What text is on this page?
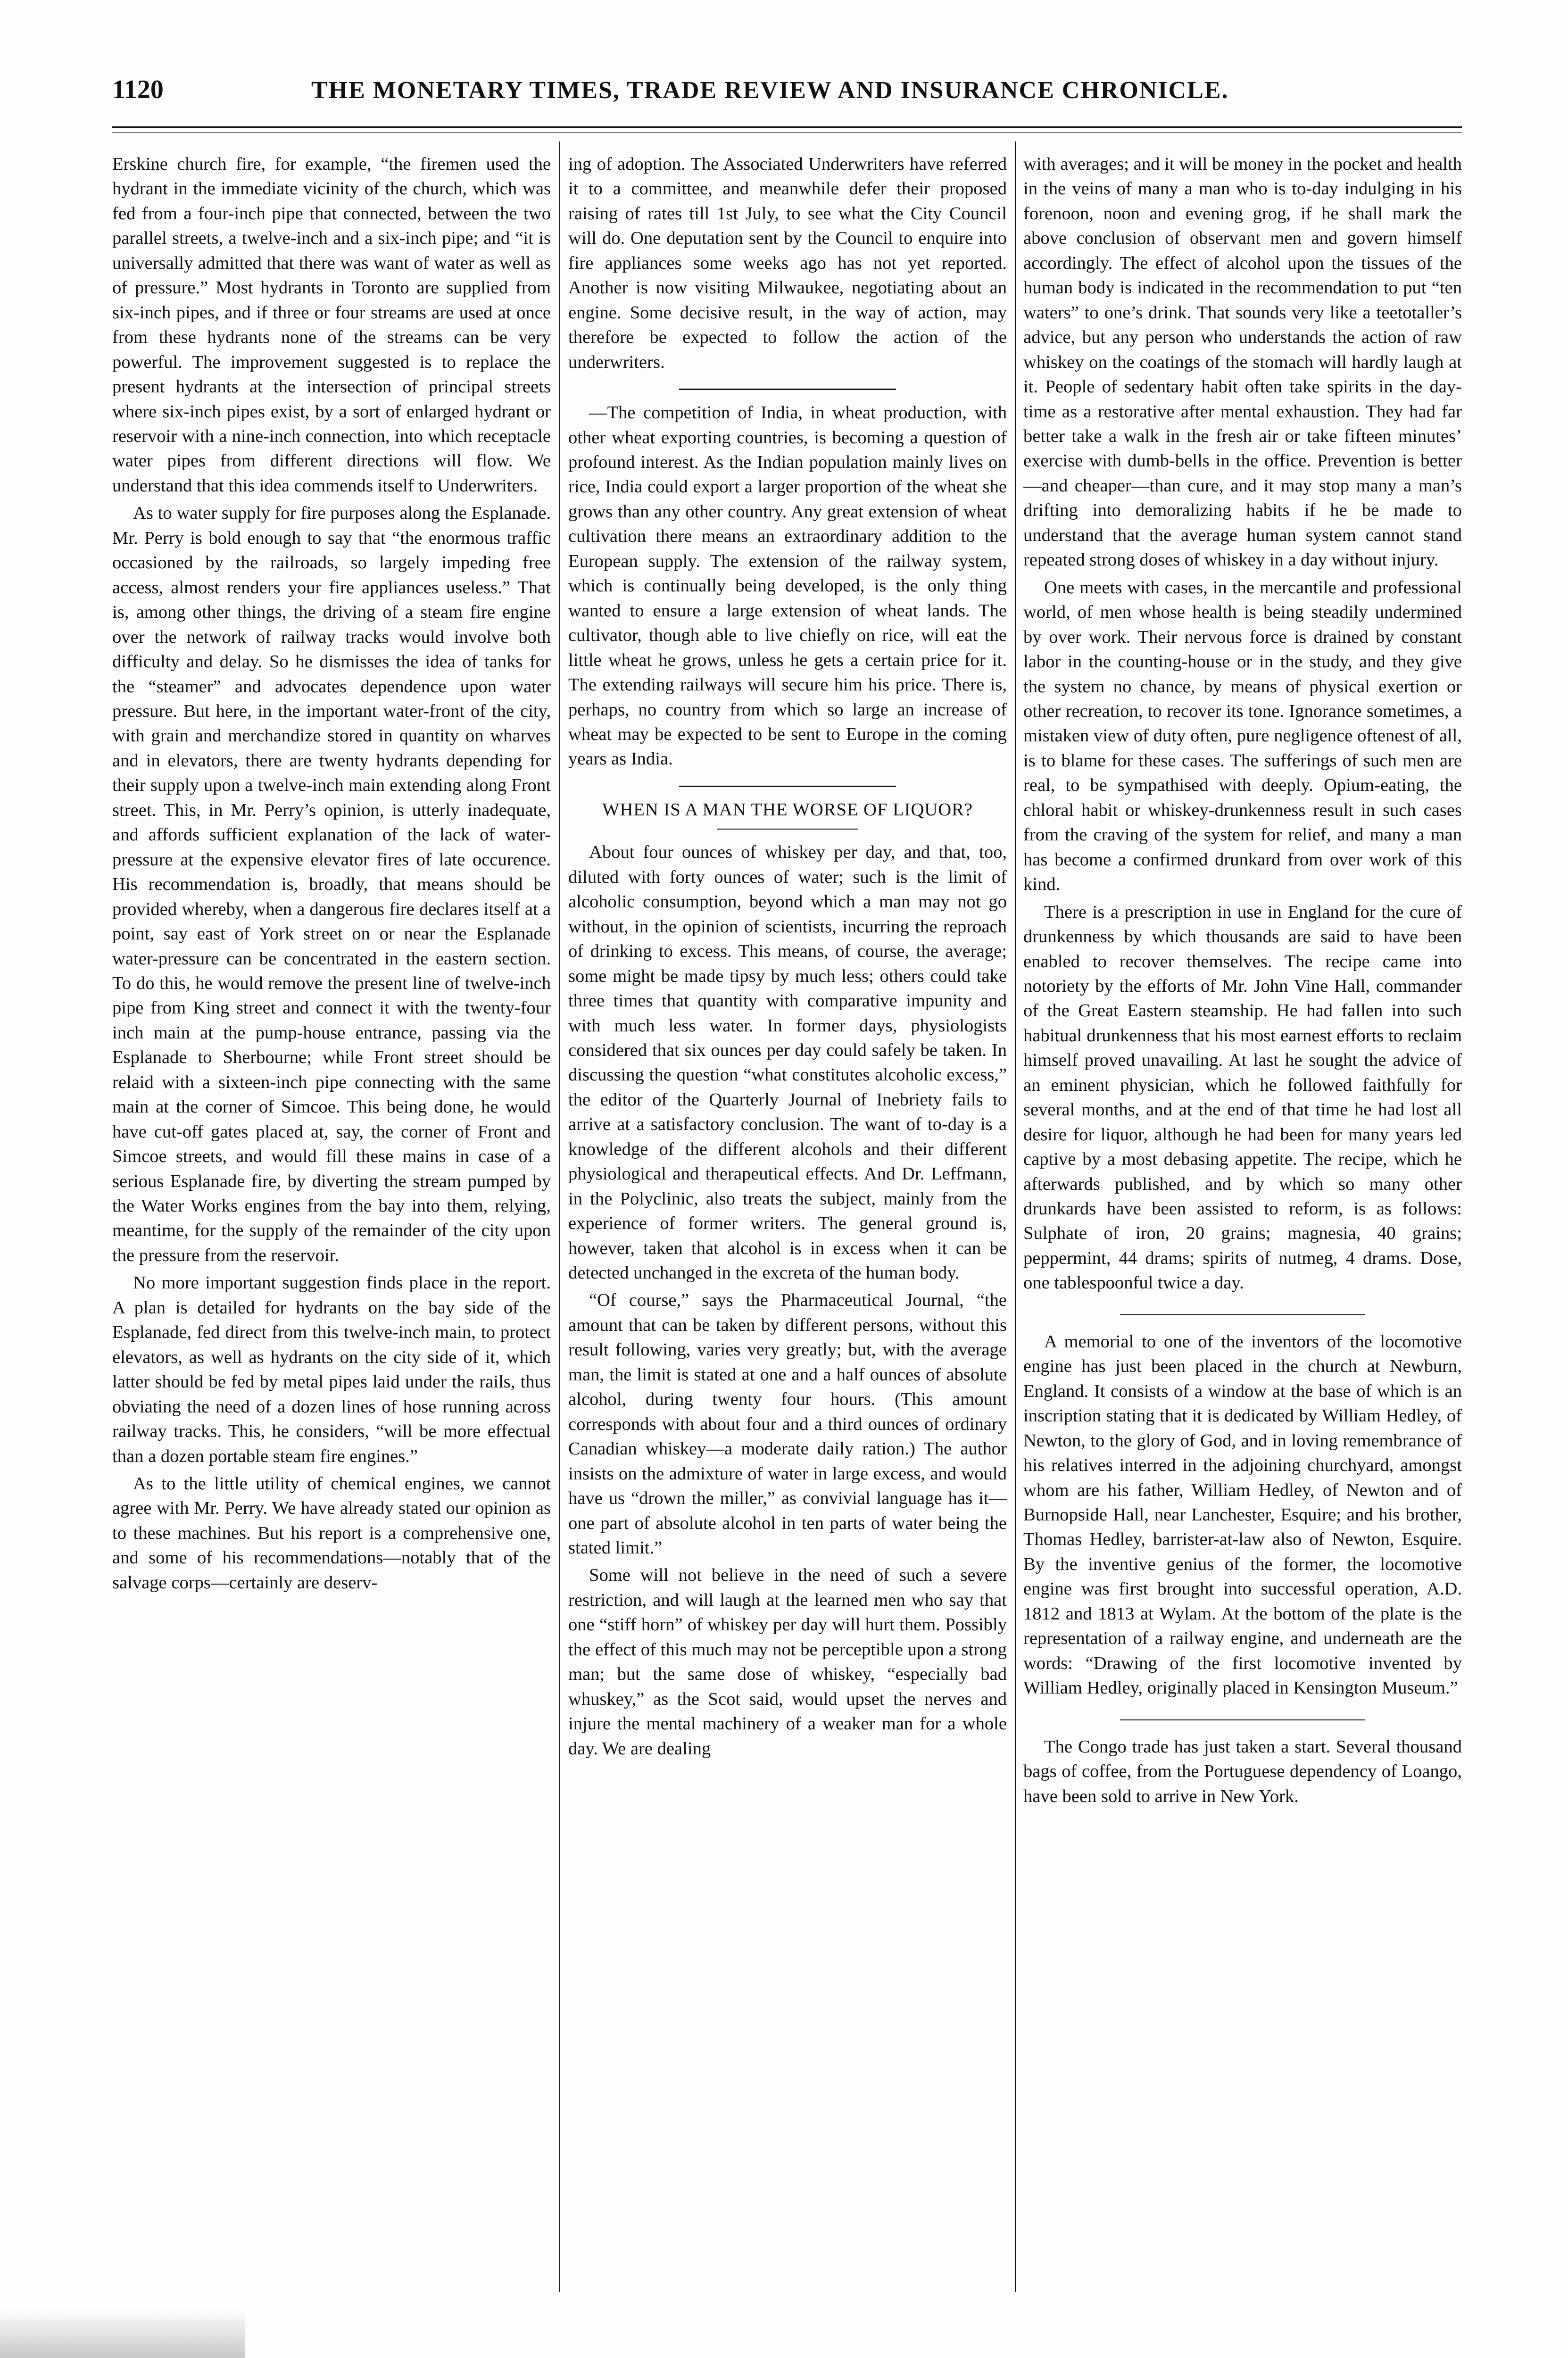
1120	THE MONETARY TIMES, TRADE REVIEW AND INSURANCE CHRONICLE.

Erskine church fire, for example, “the firemen used the hydrant in the immediate vicinity of the church, which was fed from a four-inch pipe that connected, between the two parallel streets, a twelve-inch and a six-inch pipe; and “it is universally admitted that there was want of water as well as of pressure.” Most hydrants in Toronto are supplied from six-inch pipes, and if three or four streams are used at once from these hydrants none of the streams can be very powerful. The improvement suggested is to replace the present hydrants at the intersection of principal streets where six-inch pipes exist, by a sort of enlarged hydrant or reservoir with a nine-inch connection, into which receptacle water pipes from different directions will flow. We understand that this idea commends itself to Underwriters.

As to water supply for fire purposes along the Esplanade. Mr. Perry is bold enough to say that “the enormous traffic occasioned by the railroads, so largely impeding free access, almost renders your fire appliances useless.” That is, among other things, the driving of a steam fire engine over the network of railway tracks would involve both difficulty and delay. So he dismisses the idea of tanks for the “steamer” and advocates dependence upon water pressure. But here, in the important water-front of the city, with grain and merchandize stored in quantity on wharves and in elevators, there are twenty hydrants depending for their supply upon a twelve-inch main extending along Front street. This, in Mr. Perry’s opinion, is utterly inadequate, and affords sufficient explanation of the lack of water-pressure at the expensive elevator fires of late occurence. His recommendation is, broadly, that means should be provided whereby, when a dangerous fire declares itself at a point, say east of York street on or near the Esplanade water-pressure can be concentrated in the eastern section. To do this, he would remove the present line of twelve-inch pipe from King street and connect it with the twenty-four inch main at the pump-house entrance, passing via the Esplanade to Sherbourne; while Front street should be relaid with a sixteen-inch pipe connecting with the same main at the corner of Simcoe. This being done, he would have cut-off gates placed at, say, the corner of Front and Simcoe streets, and would fill these mains in case of a serious Esplanade fire, by diverting the stream pumped by the Water Works engines from the bay into them, relying, meantime, for the supply of the remainder of the city upon the pressure from the reservoir.

No more important suggestion finds place in the report. A plan is detailed for hydrants on the bay side of the Esplanade, fed direct from this twelve-inch main, to protect elevators, as well as hydrants on the city side of it, which latter should be fed by metal pipes laid under the rails, thus obviating the need of a dozen lines of hose running across railway tracks. This, he considers, “will be more effectual than a dozen portable steam fire engines.”

As to the little utility of chemical engines, we cannot agree with Mr. Perry. We have already stated our opinion as to these machines. But his report is a comprehensive one, and some of his recommendations—notably that of the salvage corps—certainly are deserv-

ing of adoption. The Associated Underwriters have referred it to a committee, and meanwhile defer their proposed raising of rates till 1st July, to see what the City Council will do. One deputation sent by the Council to enquire into fire appliances some weeks ago has not yet reported. Another is now visiting Milwaukee, negotiating about an engine. Some decisive result, in the way of action, may therefore be expected to follow the action of the underwriters.

—The competition of India, in wheat production, with other wheat exporting countries, is becoming a question of profound interest. As the Indian population mainly lives on rice, India could export a larger proportion of the wheat she grows than any other country. Any great extension of wheat cultivation there means an extraordinary addition to the European supply. The extension of the railway system, which is continually being developed, is the only thing wanted to ensure a large extension of wheat lands. The cultivator, though able to live chiefly on rice, will eat the little wheat he grows, unless he gets a certain price for it. The extending railways will secure him his price. There is, perhaps, no country from which so large an increase of wheat may be expected to be sent to Europe in the coming years as India.

WHEN IS A MAN THE WORSE OF LIQUOR?

About four ounces of whiskey per day, and that, too, diluted with forty ounces of water; such is the limit of alcoholic consumption, beyond which a man may not go without, in the opinion of scientists, incurring the reproach of drinking to excess. This means, of course, the average; some might be made tipsy by much less; others could take three times that quantity with comparative impunity and with much less water. In former days, physiologists considered that six ounces per day could safely be taken. In discussing the question “what constitutes alcoholic excess,” the editor of the Quarterly Journal of Inebriety fails to arrive at a satisfactory conclusion. The want of to-day is a knowledge of the different alcohols and their different physiological and therapeutical effects. And Dr. Leffmann, in the Polyclinic, also treats the subject, mainly from the experience of former writers. The general ground is, however, taken that alcohol is in excess when it can be detected unchanged in the excreta of the human body.

“Of course,” says the Pharmaceutical Journal, “the amount that can be taken by different persons, without this result following, varies very greatly; but, with the average man, the limit is stated at one and a half ounces of absolute alcohol, during twenty four hours. (This amount corresponds with about four and a third ounces of ordinary Canadian whiskey—a moderate daily ration.) The author insists on the admixture of water in large excess, and would have us “drown the miller,” as convivial language has it—one part of absolute alcohol in ten parts of water being the stated limit.”

Some will not believe in the need of such a severe restriction, and will laugh at the learned men who say that one “stiff horn” of whiskey per day will hurt them. Possibly the effect of this much may not be perceptible upon a strong man; but the same dose of whiskey, “especially bad whuskey,” as the Scot said, would upset the nerves and injure the mental machinery of a weaker man for a whole day. We are dealing

with averages; and it will be money in the pocket and health in the veins of many a man who is to-day indulging in his forenoon, noon and evening grog, if he shall mark the above conclusion of observant men and govern himself accordingly. The effect of alcohol upon the tissues of the human body is indicated in the recommendation to put “ten waters” to one’s drink. That sounds very like a teetotaller’s advice, but any person who understands the action of raw whiskey on the coatings of the stomach will hardly laugh at it. People of sedentary habit often take spirits in the day-time as a restorative after mental exhaustion. They had far better take a walk in the fresh air or take fifteen minutes’ exercise with dumb-bells in the office. Prevention is better—and cheaper—than cure, and it may stop many a man’s drifting into demoralizing habits if he be made to understand that the average human system cannot stand repeated strong doses of whiskey in a day without injury.

One meets with cases, in the mercantile and professional world, of men whose health is being steadily undermined by over work. Their nervous force is drained by constant labor in the counting-house or in the study, and they give the system no chance, by means of physical exertion or other recreation, to recover its tone. Ignorance sometimes, a mistaken view of duty often, pure negligence oftenest of all, is to blame for these cases. The sufferings of such men are real, to be sympathised with deeply. Opium-eating, the chloral habit or whiskey-drunkenness result in such cases from the craving of the system for relief, and many a man has become a confirmed drunkard from over work of this kind.

There is a prescription in use in England for the cure of drunkenness by which thousands are said to have been enabled to recover themselves. The recipe came into notoriety by the efforts of Mr. John Vine Hall, commander of the Great Eastern steamship. He had fallen into such habitual drunkenness that his most earnest efforts to reclaim himself proved unavailing. At last he sought the advice of an eminent physician, which he followed faithfully for several months, and at the end of that time he had lost all desire for liquor, although he had been for many years led captive by a most debasing appetite. The recipe, which he afterwards published, and by which so many other drunkards have been assisted to reform, is as follows: Sulphate of iron, 20 grains; magnesia, 40 grains; peppermint, 44 drams; spirits of nutmeg, 4 drams. Dose, one tablespoonful twice a day.

A memorial to one of the inventors of the locomotive engine has just been placed in the church at Newburn, England. It consists of a window at the base of which is an inscription stating that it is dedicated by William Hedley, of Newton, to the glory of God, and in loving remembrance of his relatives interred in the adjoining churchyard, amongst whom are his father, William Hedley, of Newton and of Burnopside Hall, near Lanchester, Esquire; and his brother, Thomas Hedley, barrister-at-law also of Newton, Esquire. By the inventive genius of the former, the locomotive engine was first brought into successful operation, A.D. 1812 and 1813 at Wylam. At the bottom of the plate is the representation of a railway engine, and underneath are the words: “Drawing of the first locomotive invented by William Hedley, originally placed in Kensington Museum.”

The Congo trade has just taken a start. Several thousand bags of coffee, from the Portuguese dependency of Loango, have been sold to arrive in New York.
